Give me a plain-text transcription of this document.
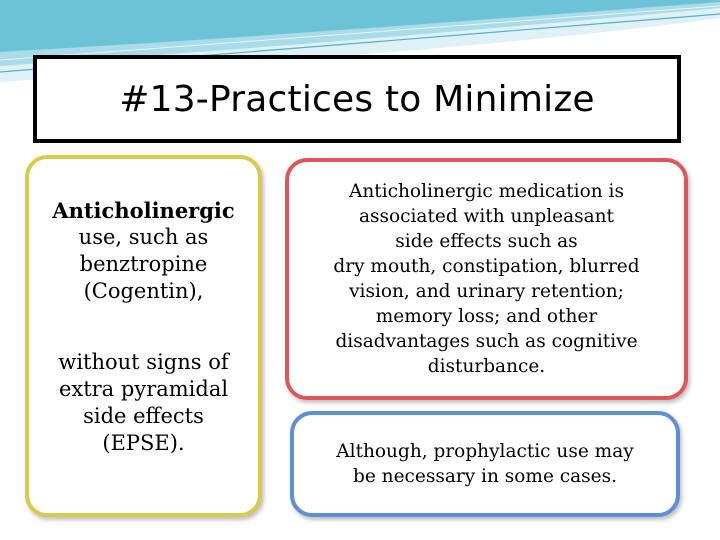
#13-Practices to Minimize
Anticholinergic
use, such as
benztropine
(Cogentin),
without signs of
extra pyramidal
side effects
(EPSE).
Anticholinergic medication is
associated with unpleasant
side effects such as
dry mouth, constipation, blurred
vision, and urinary retention;
memory loss; and other
disadvantages such as cognitive
disturbance.
Although, prophylactic use may
be necessary in some cases.
